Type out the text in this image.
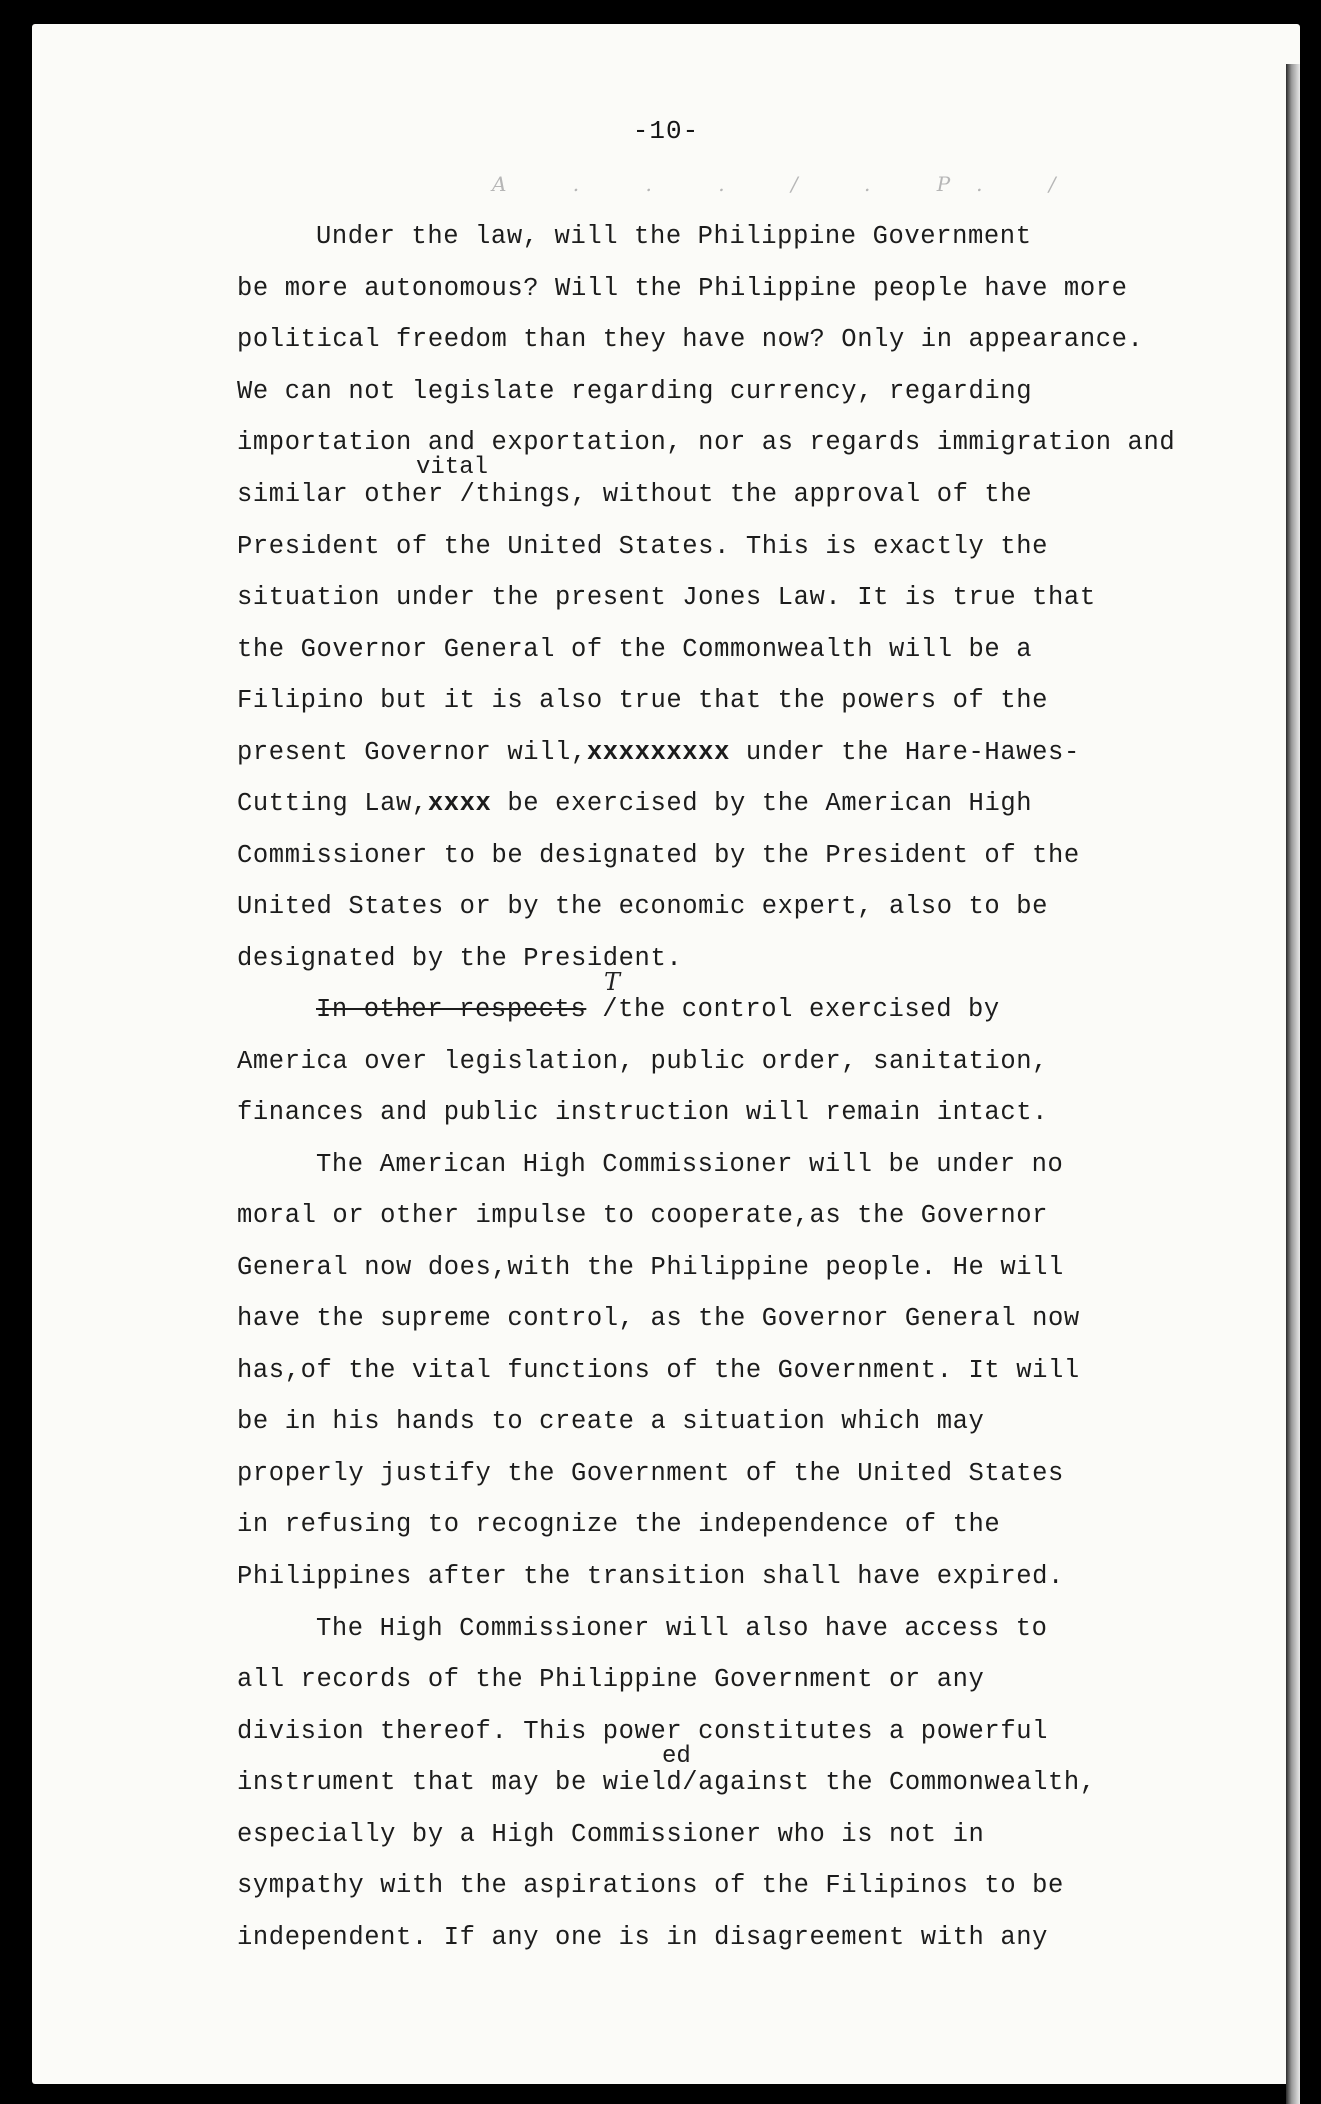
-10-
A . . . / . P. /

Under the law, will the Philippine Government

be more autonomous? Will the Philippine people have more

political freedom than they have now? Only in appearance.

We can not legislate regarding currency, regarding

importation and exportation, nor as regards immigration and

vital

similar other /things, without the approval of the

President of the United States. This is exactly the

situation under the present Jones Law. It is true that

the Governor General of the Commonwealth will be a

Filipino but it is also true that the powers of the

present Governor will,xxxxxxxxx under the Hare-Hawes-

Cutting Law,xxxx be exercised by the American High

Commissioner to be designated by the President of the

United States or by the economic expert, also to be

designated by the President.

T

In other respects /the control exercised by

America over legislation, public order, sanitation,

finances and public instruction will remain intact.

The American High Commissioner will be under no

moral or other impulse to cooperate,as the Governor

General now does,with the Philippine people. He will

have the supreme control, as the Governor General now

has,of the vital functions of the Government. It will

be in his hands to create a situation which may

properly justify the Government of the United States

in refusing to recognize the independence of the

Philippines after the transition shall have expired.

The High Commissioner will also have access to

all records of the Philippine Government or any

division thereof. This power constitutes a powerful

ed

instrument that may be wield/against the Commonwealth,

especially by a High Commissioner who is not in

sympathy with the aspirations of the Filipinos to be

independent. If any one is in disagreement with any
